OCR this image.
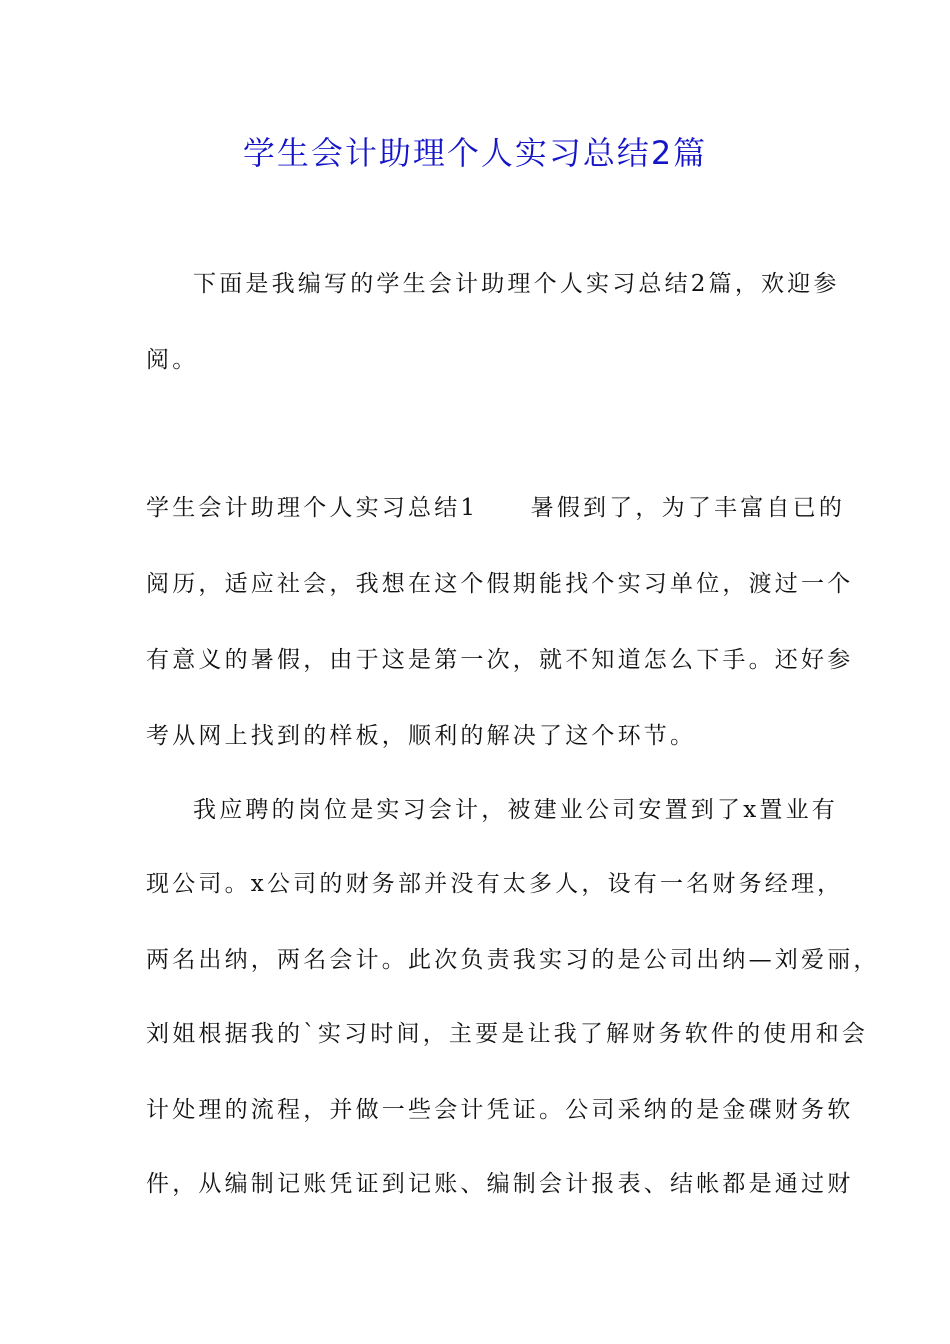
学生会计助理个人实习总结2篇
下面是我编写的学生会计助理个人实习总结2篇，欢迎参
阅。
学生会计助理个人实习总结1　　暑假到了，为了丰富自已的
阅历，适应社会，我想在这个假期能找个实习单位，渡过一个
有意义的暑假，由于这是第一次，就不知道怎么下手。还好参
考从网上找到的样板，顺利的解决了这个环节。
我应聘的岗位是实习会计，被建业公司安置到了x置业有
现公司。x公司的财务部并没有太多人，设有一名财务经理，
两名出纳，两名会计。此次负责我实习的是公司出纳—刘爱丽，
刘姐根据我的`实习时间，主要是让我了解财务软件的使用和会
计处理的流程，并做一些会计凭证。公司采纳的是金碟财务软
件，从编制记账凭证到记账、编制会计报表、结帐都是通过财
